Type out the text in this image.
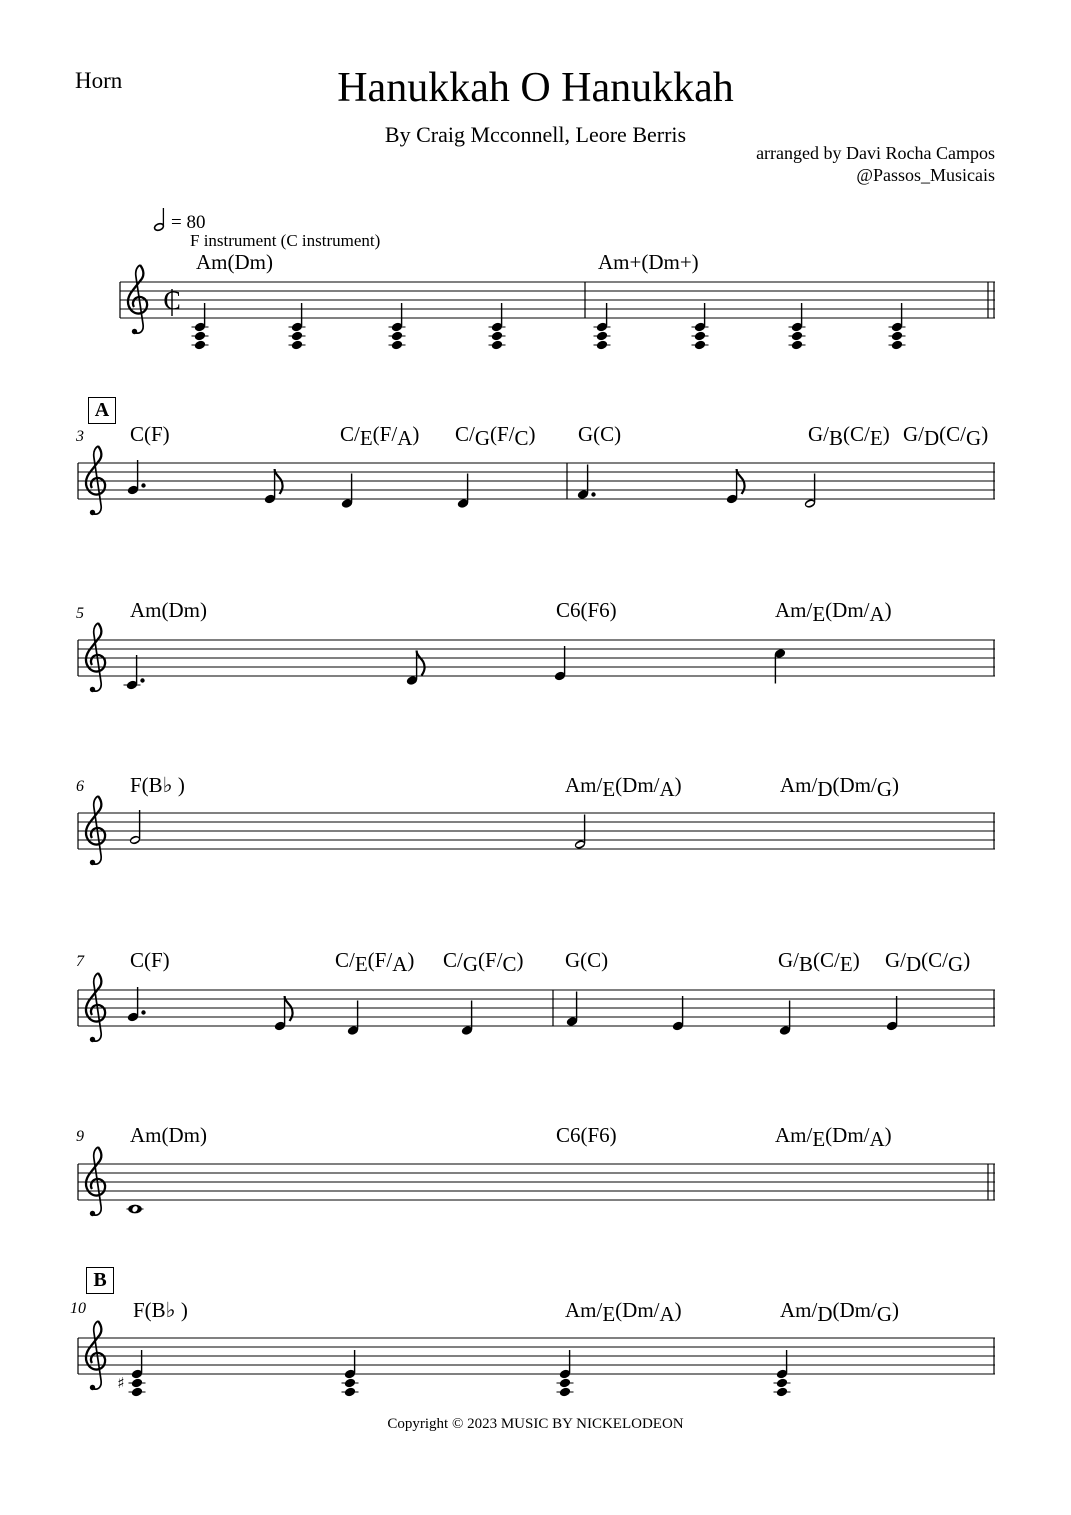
C
♯
Horn	Hanukkah O Hanukkah
By Craig Mcconnell, Leore Berris
arranged by Davi Rocha Campos
@Passos_Musicais
= 80
F instrument (C instrument)
Copyright © 2023 MUSIC BY NICKELODEON
Am(Dm)	Am+(Dm+)
3
A
C(F)	C/E(F/A) C/G(F/C) G(C)	G/B(C/E) G/D(C/G)
5 Am(Dm)	C6(F6)	Am/E(Dm/A)
6 F(B♭ )	Am/E(Dm/A)	Am/D(Dm/G)
7 C(F)	C/E(F/A) C/G(F/C) G(C)	G/B(C/E) G/D(C/G)
9 Am(Dm)	C6(F6)	Am/E(Dm/A)
10
B
F(B♭ )	Am/E(Dm/A)	Am/D(Dm/G)
